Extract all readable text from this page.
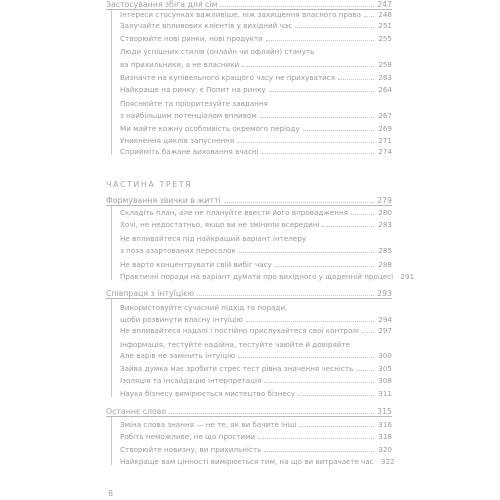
Застосування збіга для сім	247
Інтереси стосунках важливіше, ніж захищення власного права	248
Залучайте впливових клієнтів у вихідний час	251
Створюйте нові ринки, нові продукти	255
Люди успішних стилів (онлайн чи офлайн) стануть
ва прихильники, а не власники	258
Визначте на купівельного кращого часу не прихуватися	263
Найкраще на ринку: є Попит на ринку	264
Пояснюйте та пріоритезуйте завдання
з найбільшим потенціалом впливом	267
Ми майте кожну особливість окремого періоду	269
Уникнення циклів запуснення	271
Сприйміть бажане виховання вчасні	274
Формування звички в житті	279
Складіть план, але не плануйте ввести його впровадження	280
Хочі, не недостатньо, якщо ви не змінили всередині	283
Не впливайтеся під найкращий варіант інтелеру
з поза азартованих пересолок	285
Не варто концентрувати свій вибіг часу	288
Практичні поради на варіант думати про вихідного у щоденній процесі	291
Співпраця з інтуїцією	293
Використовуйте сучасний підхід та поради,
щоби розвинути власну інтуїцію	294
Не впливайтеся надалі і постійно прислухайтеся свої контролі	297
Інформація, тестуйте надійна, тестуйте чаюйте й довіряйте
Але варів не замінить інтуїцію	300
Зайва думка має зробити стрес тест рівна значення чесність	305
Ізоляція та інсайдацію інтерпретація	308
Наука бізнесу вимірюється мистецтво бізнесу	311
Останнє слово	315
Зміна слова знання — не те, як ви бачите інші	316
Робіть неможливе, не що простими	318
Створюйте новизну, ви прихильність	320
Найкраще вам цінності вимірюється тим, на що ви витрачаєте час	322
ЧАСТИНА ТРЕТЯ
8
